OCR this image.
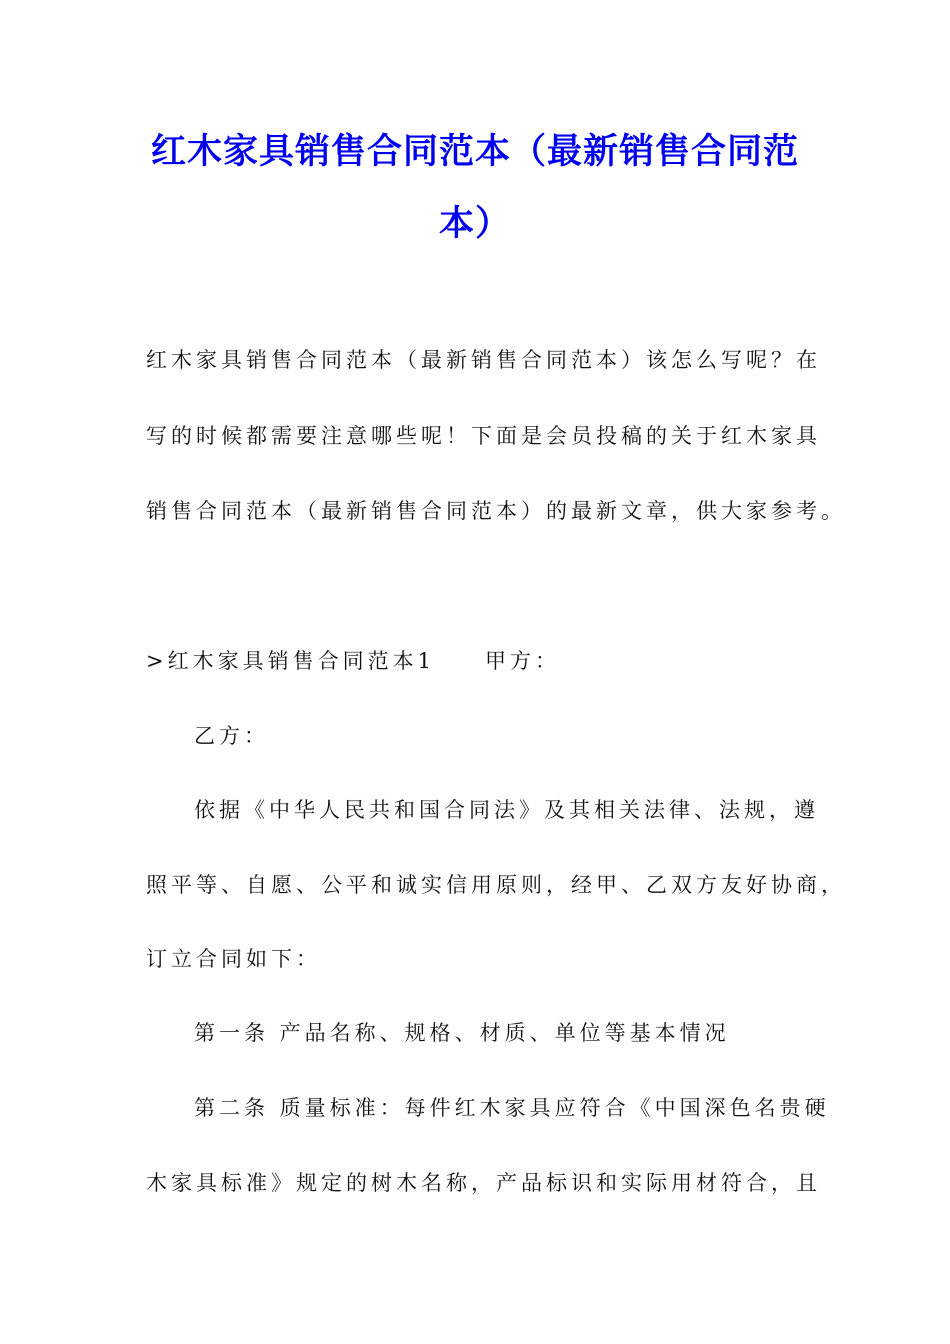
红木家具销售合同范本（最新销售合同范
本）
红木家具销售合同范本（最新销售合同范本）该怎么写呢？在
写的时候都需要注意哪些呢！下面是会员投稿的关于红木家具
销售合同范本（最新销售合同范本）的最新文章，供大家参考。
>红木家具销售合同范本1　　甲方：
乙方：
依据《中华人民共和国合同法》及其相关法律、法规，遵
照平等、自愿、公平和诚实信用原则，经甲、乙双方友好协商，
订立合同如下：
第一条 产品名称、规格、材质、单位等基本情况
第二条 质量标准：每件红木家具应符合《中国深色名贵硬
木家具标准》规定的树木名称，产品标识和实际用材符合，且
